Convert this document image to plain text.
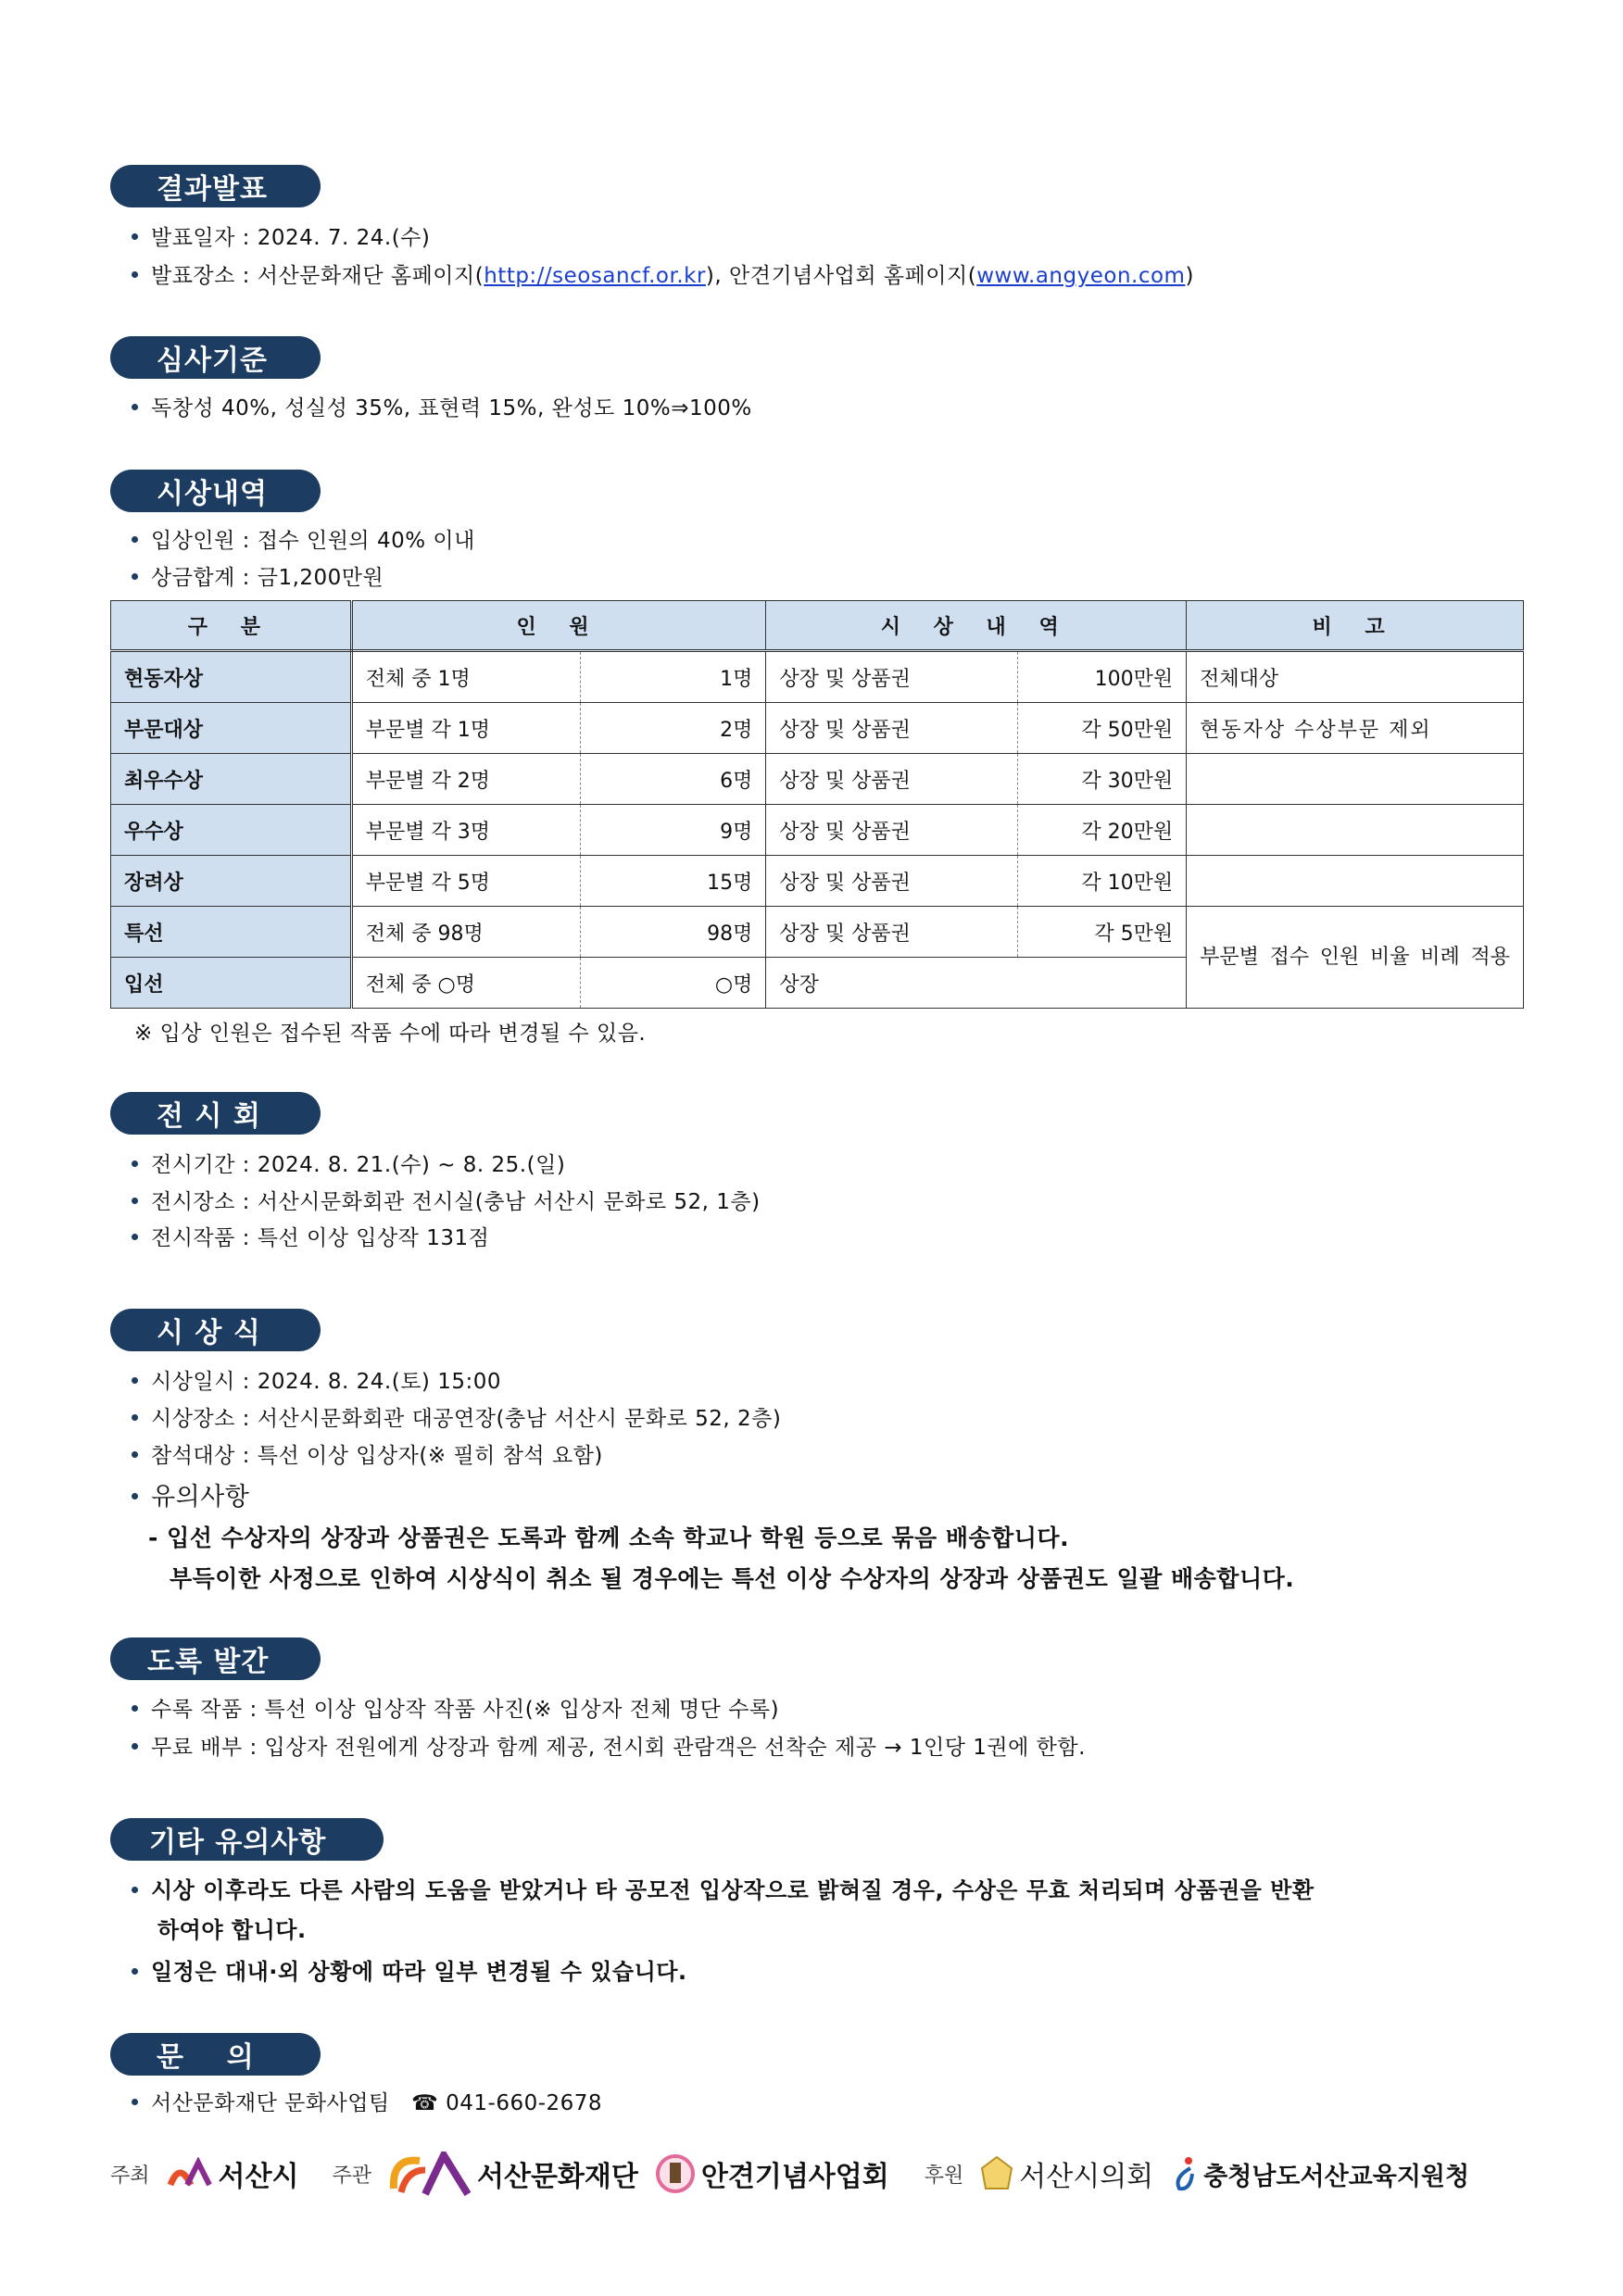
결과발표
발표일자 : 2024. 7. 24.(수)
발표장소 : 서산문화재단 홈페이지(http://seosancf.or.kr), 안견기념사업회 홈페이지(www.angyeon.com)
심사기준
독창성 40%, 성실성 35%, 표현력 15%, 완성도 10%⇒100%
시상내역
입상인원 : 접수 인원의 40% 이내
상금합계 : 금1,200만원
구 분	인 원		시 상 내 역		비 고
현동자상	전체 중 1명	1명	상장 및 상품권	100만원	전체대상
부문대상	부문별 각 1명	2명	상장 및 상품권	각 50만원	현동자상 수상부문 제외
최우수상	부문별 각 2명	6명	상장 및 상품권	각 30만원	
우수상	부문별 각 3명	9명	상장 및 상품권	각 20만원	
장려상	부문별 각 5명	15명	상장 및 상품권	각 10만원	
특선	전체 중 98명	98명	상장 및 상품권	각 5만원	부문별 접수 인원 비율 비례 적용
입선	전체 중 ○명	○명	상장		
※ 입상 인원은 접수된 작품 수에 따라 변경될 수 있음.
전 시 회
전시기간 : 2024. 8. 21.(수) ~ 8. 25.(일)
전시장소 : 서산시문화회관 전시실(충남 서산시 문화로 52, 1층)
전시작품 : 특선 이상 입상작 131점
시 상 식
시상일시 : 2024. 8. 24.(토) 15:00
시상장소 : 서산시문화회관 대공연장(충남 서산시 문화로 52, 2층)
참석대상 : 특선 이상 입상자(※ 필히 참석 요함)
유의사항
- 입선 수상자의 상장과 상품권은 도록과 함께 소속 학교나 학원 등으로 묶음 배송합니다.
부득이한 사정으로 인하여 시상식이 취소 될 경우에는 특선 이상 수상자의 상장과 상품권도 일괄 배송합니다.
도록 발간
수록 작품 : 특선 이상 입상작 작품 사진(※ 입상자 전체 명단 수록)
무료 배부 : 입상자 전원에게 상장과 함께 제공, 전시회 관람객은 선착순 제공 → 1인당 1권에 한함.
기타 유의사항
시상 이후라도 다른 사람의 도움을 받았거나 타 공모전 입상작으로 밝혀질 경우, 수상은 무효 처리되며 상품권을 반환
하여야 합니다.
일정은 대내·외 상황에 따라 일부 변경될 수 있습니다.
문    의
서산문화재단 문화사업팀 ☎ 041-660-2678
주최 서산시 주관	서산문화재단 안견기념사업회 후원 서산시의회 충청남도서산교육지원청
